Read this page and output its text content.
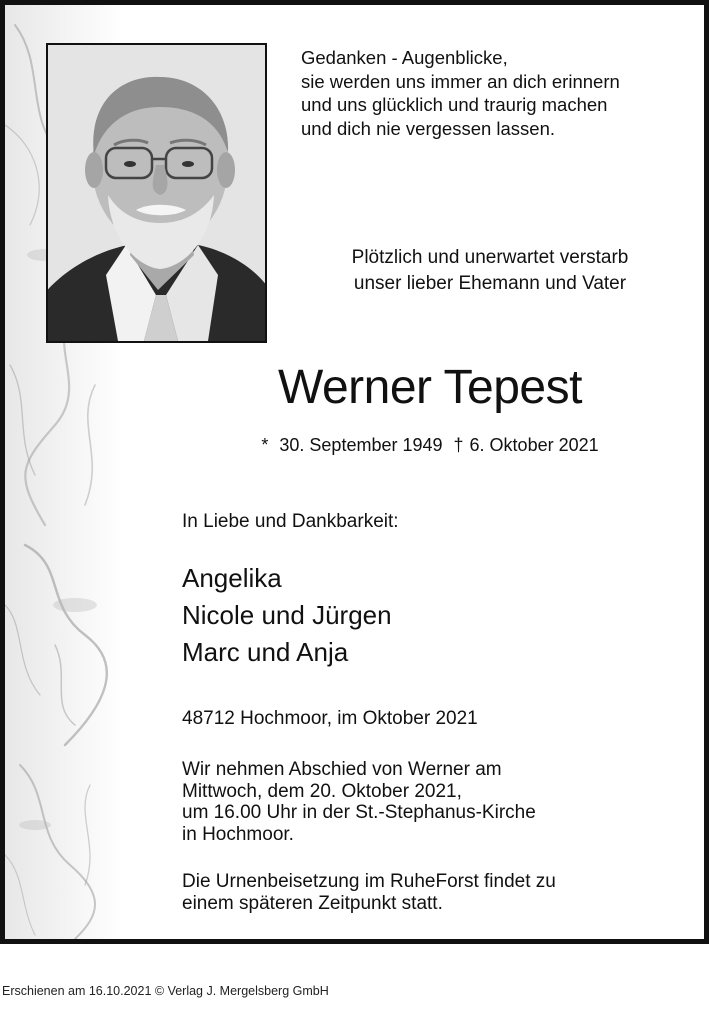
Gedanken - Augenblicke,
sie werden uns immer an dich erinnern
und uns glücklich und traurig machen
und dich nie vergessen lassen.
Plötzlich und unerwartet verstarb
unser lieber Ehemann und Vater
Werner Tepest
* 30. September 1949 † 6. Oktober 2021
In Liebe und Dankbarkeit:
Angelika
Nicole und Jürgen
Marc und Anja
48712 Hochmoor, im Oktober 2021
Wir nehmen Abschied von Werner am
Mittwoch, dem 20. Oktober 2021,
um 16.00 Uhr in der St.-Stephanus-Kirche
in Hochmoor.
Die Urnenbeisetzung im RuheForst findet zu
einem späteren Zeitpunkt statt.
Erschienen am 16.10.2021 © Verlag J. Mergelsberg GmbH
